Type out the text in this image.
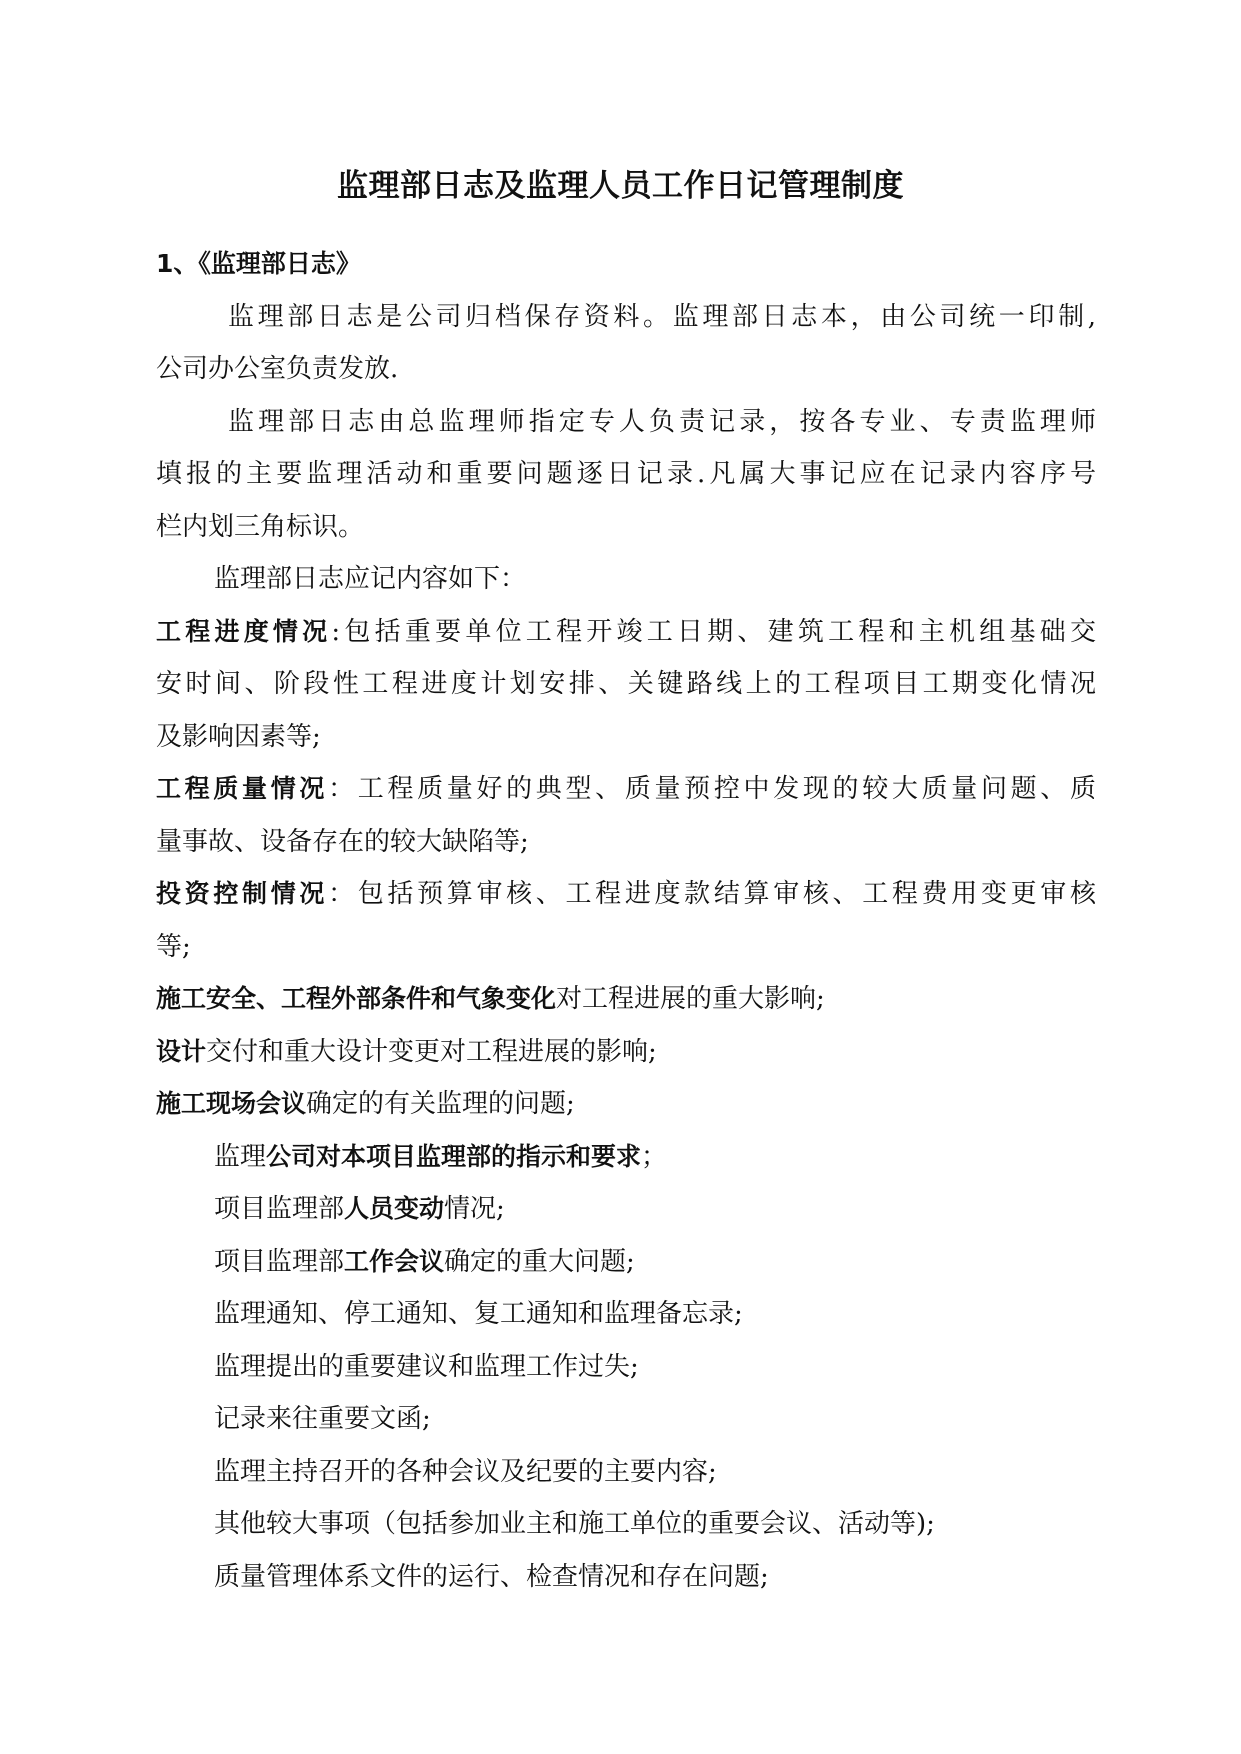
监理部日志及监理人员工作日记管理制度

1、《监理部日志》

监理部日志是公司归档保存资料。监理部日志本，由公司统一印制,

公司办公室负责发放.

监理部日志由总监理师指定专人负责记录，按各专业、专责监理师

填报的主要监理活动和重要问题逐日记录.凡属大事记应在记录内容序号

栏内划三角标识。

监理部日志应记内容如下：

工程进度情况:包括重要单位工程开竣工日期、建筑工程和主机组基础交

安时间、阶段性工程进度计划安排、关键路线上的工程项目工期变化情况

及影响因素等;

工程质量情况：工程质量好的典型、质量预控中发现的较大质量问题、质

量事故、设备存在的较大缺陷等;

投资控制情况：包括预算审核、工程进度款结算审核、工程费用变更审核

等;

施工安全、工程外部条件和气象变化对工程进展的重大影响;

设计交付和重大设计变更对工程进展的影响;

施工现场会议确定的有关监理的问题;

监理公司对本项目监理部的指示和要求；

项目监理部人员变动情况;

项目监理部工作会议确定的重大问题;

监理通知、停工通知、复工通知和监理备忘录;

监理提出的重要建议和监理工作过失;

记录来往重要文函;

监理主持召开的各种会议及纪要的主要内容;

其他较大事项（包括参加业主和施工单位的重要会议、活动等);

质量管理体系文件的运行、检查情况和存在问题;
